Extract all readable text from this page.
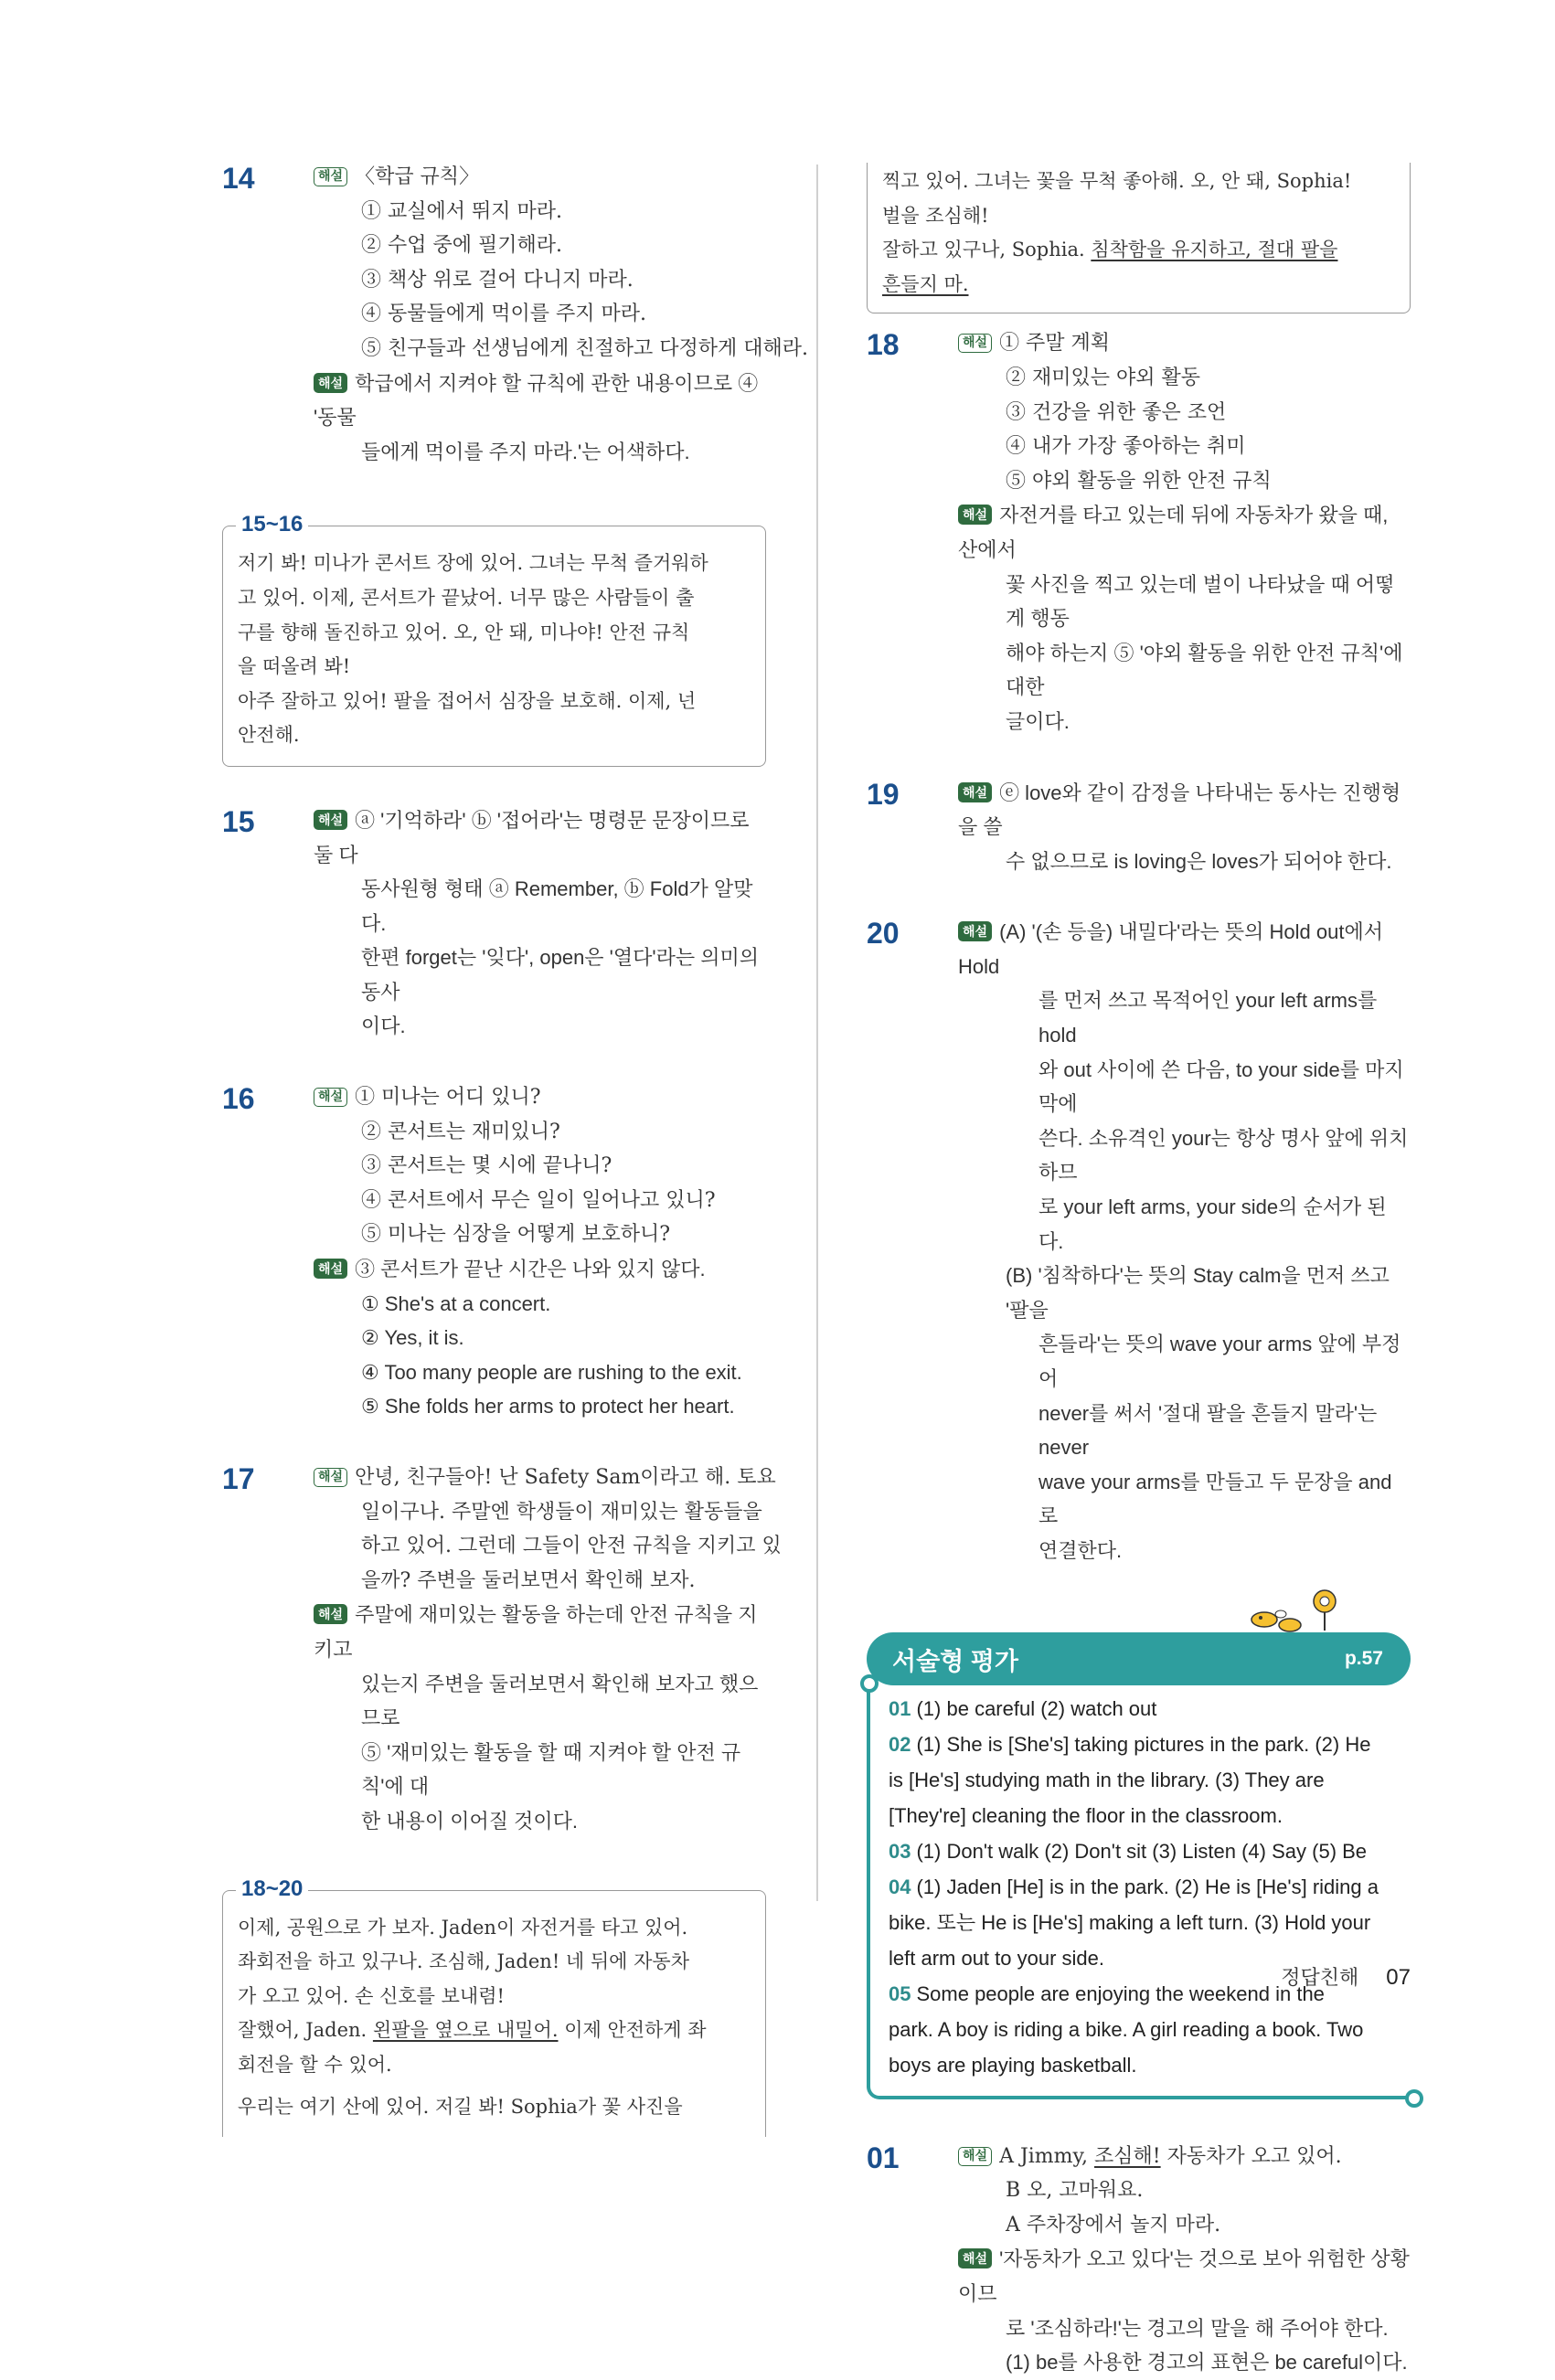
14	해설 〈학급 규칙〉
① 교실에서 뛰지 마라.
② 수업 중에 필기해라.
③ 책상 위로 걸어 다니지 마라.
④ 동물들에게 먹이를 주지 마라.
⑤ 친구들과 선생님에게 친절하고 다정하게 대해라.
해설 학급에서 지켜야 할 규칙에 관한 내용이므로 ④ '동물
들에게 먹이를 주지 마라.'는 어색하다.
15~16
저기 봐! 미나가 콘서트 장에 있어. 그녀는 무척 즐거워하
고 있어. 이제, 콘서트가 끝났어. 너무 많은 사람들이 출
구를 향해 돌진하고 있어. 오, 안 돼, 미나야! 안전 규칙
을 떠올려 봐!
아주 잘하고 있어! 팔을 접어서 심장을 보호해. 이제, 넌
안전해.
15	해설 ⓐ '기억하라' ⓑ '접어라'는 명령문 문장이므로 둘 다
동사원형 형태 ⓐ Remember, ⓑ Fold가 알맞다.
한편 forget는 '잊다', open은 '열다'라는 의미의 동사
이다.
16	해설 ① 미나는 어디 있니?
② 콘서트는 재미있니?
③ 콘서트는 몇 시에 끝나니?
④ 콘서트에서 무슨 일이 일어나고 있니?
⑤ 미나는 심장을 어떻게 보호하니?
해설 ③ 콘서트가 끝난 시간은 나와 있지 않다.
① She's at a concert.
② Yes, it is.
④ Too many people are rushing to the exit.
⑤ She folds her arms to protect her heart.
17	해설 안녕, 친구들아! 난 Safety Sam이라고 해. 토요
일이구나. 주말엔 학생들이 재미있는 활동들을
하고 있어. 그런데 그들이 안전 규칙을 지키고 있
을까? 주변을 둘러보면서 확인해 보자.
해설 주말에 재미있는 활동을 하는데 안전 규칙을 지키고
있는지 주변을 둘러보면서 확인해 보자고 했으므로
⑤ '재미있는 활동을 할 때 지켜야 할 안전 규칙'에 대
한 내용이 이어질 것이다.
18~20
이제, 공원으로 가 보자. Jaden이 자전거를 타고 있어.
좌회전을 하고 있구나. 조심해, Jaden! 네 뒤에 자동차
가 오고 있어. 손 신호를 보내렴!
잘했어, Jaden. 왼팔을 옆으로 내밀어. 이제 안전하게 좌
회전을 할 수 있어.
우리는 여기 산에 있어. 저길 봐! Sophia가 꽃 사진을
찍고 있어. 그녀는 꽃을 무척 좋아해. 오, 안 돼, Sophia!
벌을 조심해!
잘하고 있구나, Sophia. 침착함을 유지하고, 절대 팔을
흔들지 마.
18	해설 ① 주말 계획
② 재미있는 야외 활동
③ 건강을 위한 좋은 조언
④ 내가 가장 좋아하는 취미
⑤ 야외 활동을 위한 안전 규칙
해설 자전거를 타고 있는데 뒤에 자동차가 왔을 때, 산에서
꽃 사진을 찍고 있는데 벌이 나타났을 때 어떻게 행동
해야 하는지 ⑤ '야외 활동을 위한 안전 규칙'에 대한
글이다.
19	해설 ⓔ love와 같이 감정을 나타내는 동사는 진행형을 쓸
수 없으므로 is loving은 loves가 되어야 한다.
20	해설 (A) '(손 등을) 내밀다'라는 뜻의 Hold out에서 Hold
를 먼저 쓰고 목적어인 your left arms를 hold
와 out 사이에 쓴 다음, to your side를 마지막에
쓴다. 소유격인 your는 항상 명사 앞에 위치하므
로 your left arms, your side의 순서가 된다.
(B) '침착하다'는 뜻의 Stay calm을 먼저 쓰고 '팔을
흔들라'는 뜻의 wave your arms 앞에 부정어
never를 써서 '절대 팔을 흔들지 말라'는 never
wave your arms를 만들고 두 문장을 and로
연결한다.
서술형 평가	p.57
01 (1) be careful (2) watch out
02 (1) She is [She's] taking pictures in the park. (2) He
is [He's] studying math in the library. (3) They are
[They're] cleaning the floor in the classroom.
03 (1) Don't walk (2) Don't sit (3) Listen (4) Say (5) Be
04 (1) Jaden [He] is in the park. (2) He is [He's] riding a
bike. 또는 He is [He's] making a left turn. (3) Hold your
left arm out to your side.
05 Some people are enjoying the weekend in the
park. A boy is riding a bike. A girl reading a book. Two
boys are playing basketball.
01	해설 A Jimmy, 조심해! 자동차가 오고 있어.
B 오, 고마워요.
A 주차장에서 놀지 마라.
해설 '자동차가 오고 있다'는 것으로 보아 위험한 상황이므
로 '조심하라!'는 경고의 말을 해 주어야 한다.
(1) be를 사용한 경고의 표현은 be careful이다.
정답친해 07
